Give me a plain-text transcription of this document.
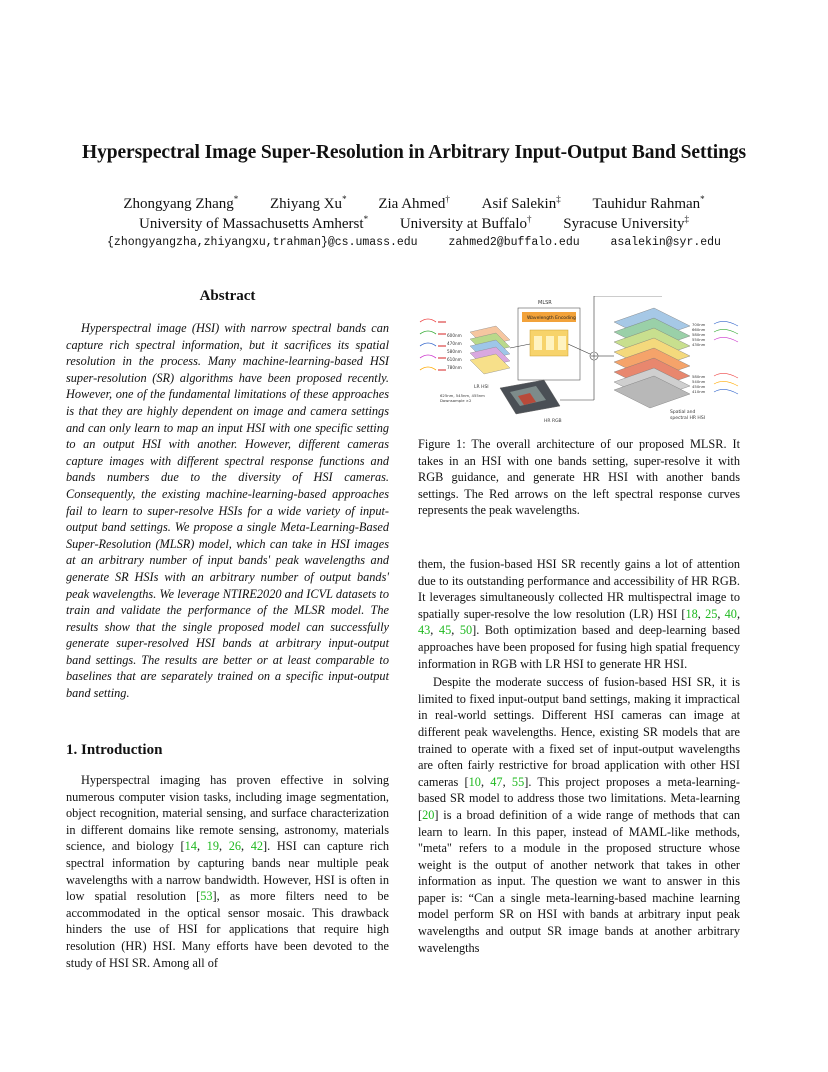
Hyperspectral Image Super-Resolution in Arbitrary Input-Output Band Settings
Zhongyang Zhang* Zhiyang Xu* Zia Ahmed† Asif Salekin‡ Tauhidur Rahman*
University of Massachusetts Amherst* University at Buffalo† Syracuse University‡
{zhongyangzha,zhiyangxu,trahman}@cs.umass.edu	zahmed2@buffalo.edu	asalekin@syr.edu
Abstract

Hyperspectral image (HSI) with narrow spectral bands can capture rich spectral information, but it sacrifices its spatial resolution in the process. Many machine-learning-based HSI super-resolution (SR) algorithms have been proposed recently. However, one of the fundamental limitations of these approaches is that they are highly dependent on image and camera settings and can only learn to map an input HSI with one specific setting to an output HSI with another. However, different cameras capture images with different spectral response functions and bands numbers due to the diversity of HSI cameras. Consequently, the existing machine-learning-based approaches fail to learn to super-resolve HSIs for a wide variety of input-output band settings. We propose a single Meta-Learning-Based Super-Resolution (MLSR) model, which can take in HSI images at an arbitrary number of input bands' peak wavelengths and generate SR HSIs with an arbitrary number of output bands' peak wavelengths. We leverage NTIRE2020 and ICVL datasets to train and validate the performance of the MLSR model. The results show that the single proposed model can successfully generate super-resolved HSI bands at arbitrary input-output band settings. The results are better or at least comparable to baselines that are separately trained on a specific input-output band setting.

1. Introduction

Hyperspectral imaging has proven effective in solving numerous computer vision tasks, including image segmentation, object recognition, material sensing, and surface characterization in different domains like remote sensing, astronomy, materials science, and biology [14, 19, 26, 42]. HSI can capture rich spectral information by capturing bands near multiple peak wavelengths with a narrow bandwidth. However, HSI is often in low spatial resolution [53], as more filters need to be accommodated in the optical sensor mosaic. This drawback hinders the use of HSI for applications that require high resolution (HR) HSI. Many efforts have been devoted to the study of HSI SR. Among all of

600nm
470nm
580nm
610nm
780nm
LR HSI
625nm, 545nm, 455nm
Downsample ×2
HR RGB
MLSR
Wavelength Encoding
Spatial and
spectral HR HSI
700nm
660nm
580nm
550nm
430nm
580nm
540nm
450nm
410nm

Figure 1: The overall architecture of our proposed MLSR. It takes in an HSI with one bands setting, super-resolve it with RGB guidance, and generate HR HSI with another bands settings. The Red arrows on the left spectral response curves represents the peak wavelengths.

them, the fusion-based HSI SR recently gains a lot of attention due to its outstanding performance and accessibility of HR RGB. It leverages simultaneously collected HR multispectral image to spatially super-resolve the low resolution (LR) HSI [18, 25, 40, 43, 45, 50]. Both optimization based and deep-learning based approaches have been proposed for fusing high spatial frequency information in RGB with LR HSI to generate HR HSI.

Despite the moderate success of fusion-based HSI SR, it is limited to fixed input-output band settings, making it impractical in real-world settings. Different HSI cameras can image at different peak wavelengths. Hence, existing SR models that are trained to operate with a fixed set of input-output wavelengths are often fairly restrictive for broad application with other HSI cameras [10, 47, 55]. This project proposes a meta-learning-based SR model to address those two limitations. Meta-learning [20] is a broad definition of a wide range of methods that can learn to learn. In this paper, instead of MAML-like methods, "meta" refers to a module in the proposed structure whose weight is the output of another network that takes in other information as input. The question we want to answer in this paper is: “Can a single meta-learning-based machine learning model perform SR on HSI with bands at arbitrary input peak wavelengths and output SR image bands at another arbitrary wavelengths
